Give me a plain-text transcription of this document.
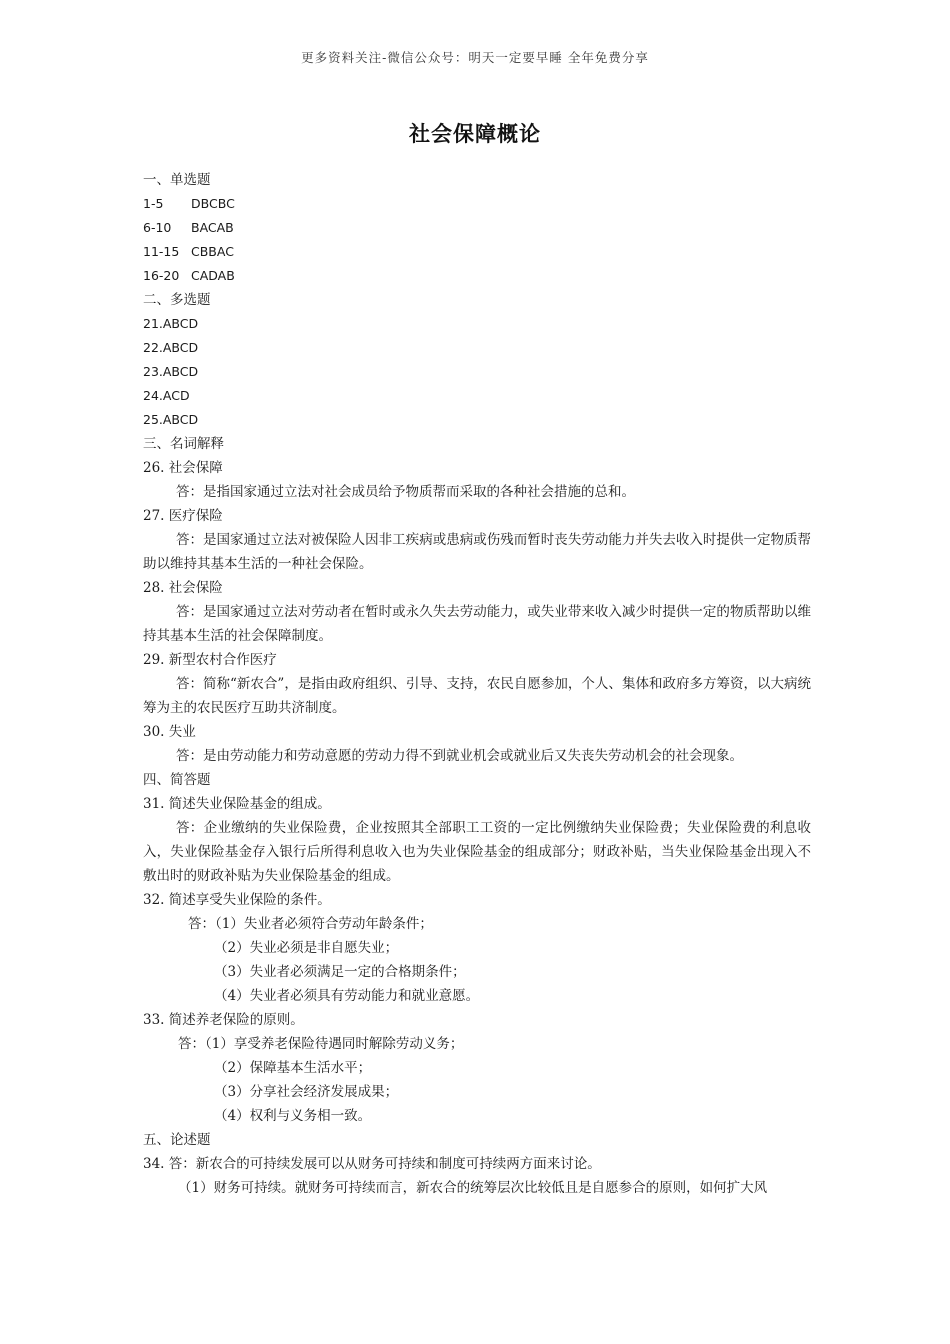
更多资料关注-微信公众号：明天一定要早睡 全年免费分享
社会保障概论
一、单选题
1-5 DBCBC
6-10 BACAB
11-15 CBBAC
16-20 CADAB
二、多选题
21.ABCD
22.ABCD
23.ABCD
24.ACD
25.ABCD
三、名词解释
26. 社会保障
答：是指国家通过立法对社会成员给予物质帮而采取的各种社会措施的总和。
27. 医疗保险
答：是国家通过立法对被保险人因非工疾病或患病或伤残而暂时丧失劳动能力并失去收入时提供一定物质帮助以维持其基本生活的一种社会保险。
28. 社会保险
答：是国家通过立法对劳动者在暂时或永久失去劳动能力，或失业带来收入减少时提供一定的物质帮助以维持其基本生活的社会保障制度。
29. 新型农村合作医疗
答：简称“新农合”，是指由政府组织、引导、支持，农民自愿参加，个人、集体和政府多方筹资，以大病统筹为主的农民医疗互助共济制度。
30. 失业
答：是由劳动能力和劳动意愿的劳动力得不到就业机会或就业后又失丧失劳动机会的社会现象。
四、简答题
31. 简述失业保险基金的组成。
答：企业缴纳的失业保险费，企业按照其全部职工工资的一定比例缴纳失业保险费；失业保险费的利息收入，失业保险基金存入银行后所得利息收入也为失业保险基金的组成部分；财政补贴，当失业保险基金出现入不敷出时的财政补贴为失业保险基金的组成。
32. 简述享受失业保险的条件。
答：（1）失业者必须符合劳动年龄条件；
（2）失业必须是非自愿失业；
（3）失业者必须满足一定的合格期条件；
（4）失业者必须具有劳动能力和就业意愿。
33. 简述养老保险的原则。
答：（1）享受养老保险待遇同时解除劳动义务；
（2）保障基本生活水平；
（3）分享社会经济发展成果；
（4）权利与义务相一致。
五、论述题
34. 答：新农合的可持续发展可以从财务可持续和制度可持续两方面来讨论。
（1）财务可持续。就财务可持续而言，新农合的统筹层次比较低且是自愿参合的原则，如何扩大风
